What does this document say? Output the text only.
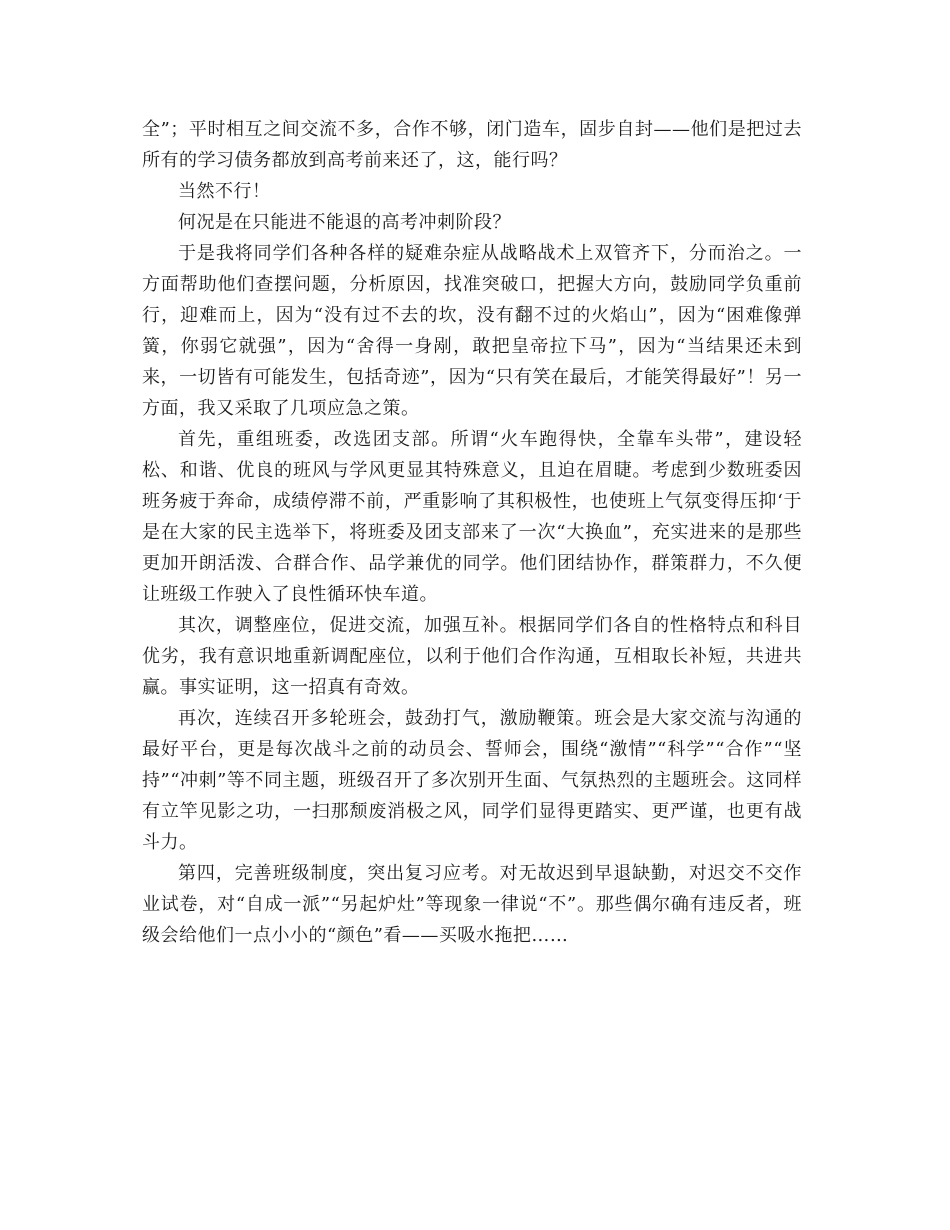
全”；平时相互之间交流不多，合作不够，闭门造车，固步自封——他们是把过去所有的学习债务都放到高考前来还了，这，能行吗？

当然不行！

何况是在只能进不能退的高考冲刺阶段？

于是我将同学们各种各样的疑难杂症从战略战术上双管齐下，分而治之。一方面帮助他们查摆问题，分析原因，找准突破口，把握大方向，鼓励同学负重前行，迎难而上，因为“没有过不去的坎，没有翻不过的火焰山”，因为“困难像弹簧，你弱它就强”，因为“舍得一身剐，敢把皇帝拉下马”，因为“当结果还未到来，一切皆有可能发生，包括奇迹”，因为“只有笑在最后，才能笑得最好”！另一方面，我又采取了几项应急之策。

首先，重组班委，改选团支部。所谓“火车跑得快，全靠车头带”，建设轻松、和谐、优良的班风与学风更显其特殊意义，且迫在眉睫。考虑到少数班委因班务疲于奔命，成绩停滞不前，严重影响了其积极性，也使班上气氛变得压抑‘于是在大家的民主选举下，将班委及团支部来了一次“大换血”，充实进来的是那些更加开朗活泼、合群合作、品学兼优的同学。他们团结协作，群策群力，不久便让班级工作驶入了良性循环快车道。

其次，调整座位，促进交流，加强互补。根据同学们各自的性格特点和科目优劣，我有意识地重新调配座位，以利于他们合作沟通，互相取长补短，共进共赢。事实证明，这一招真有奇效。

再次，连续召开多轮班会，鼓劲打气，激励鞭策。班会是大家交流与沟通的最好平台，更是每次战斗之前的动员会、誓师会，围绕“激情”“科学”“合作”“坚持”“冲刺”等不同主题，班级召开了多次别开生面、气氛热烈的主题班会。这同样有立竿见影之功，一扫那颓废消极之风，同学们显得更踏实、更严谨，也更有战斗力。

第四，完善班级制度，突出复习应考。对无故迟到早退缺勤，对迟交不交作业试卷，对“自成一派”“另起炉灶”等现象一律说“不”。那些偶尔确有违反者，班级会给他们一点小小的“颜色”看——买吸水拖把……
